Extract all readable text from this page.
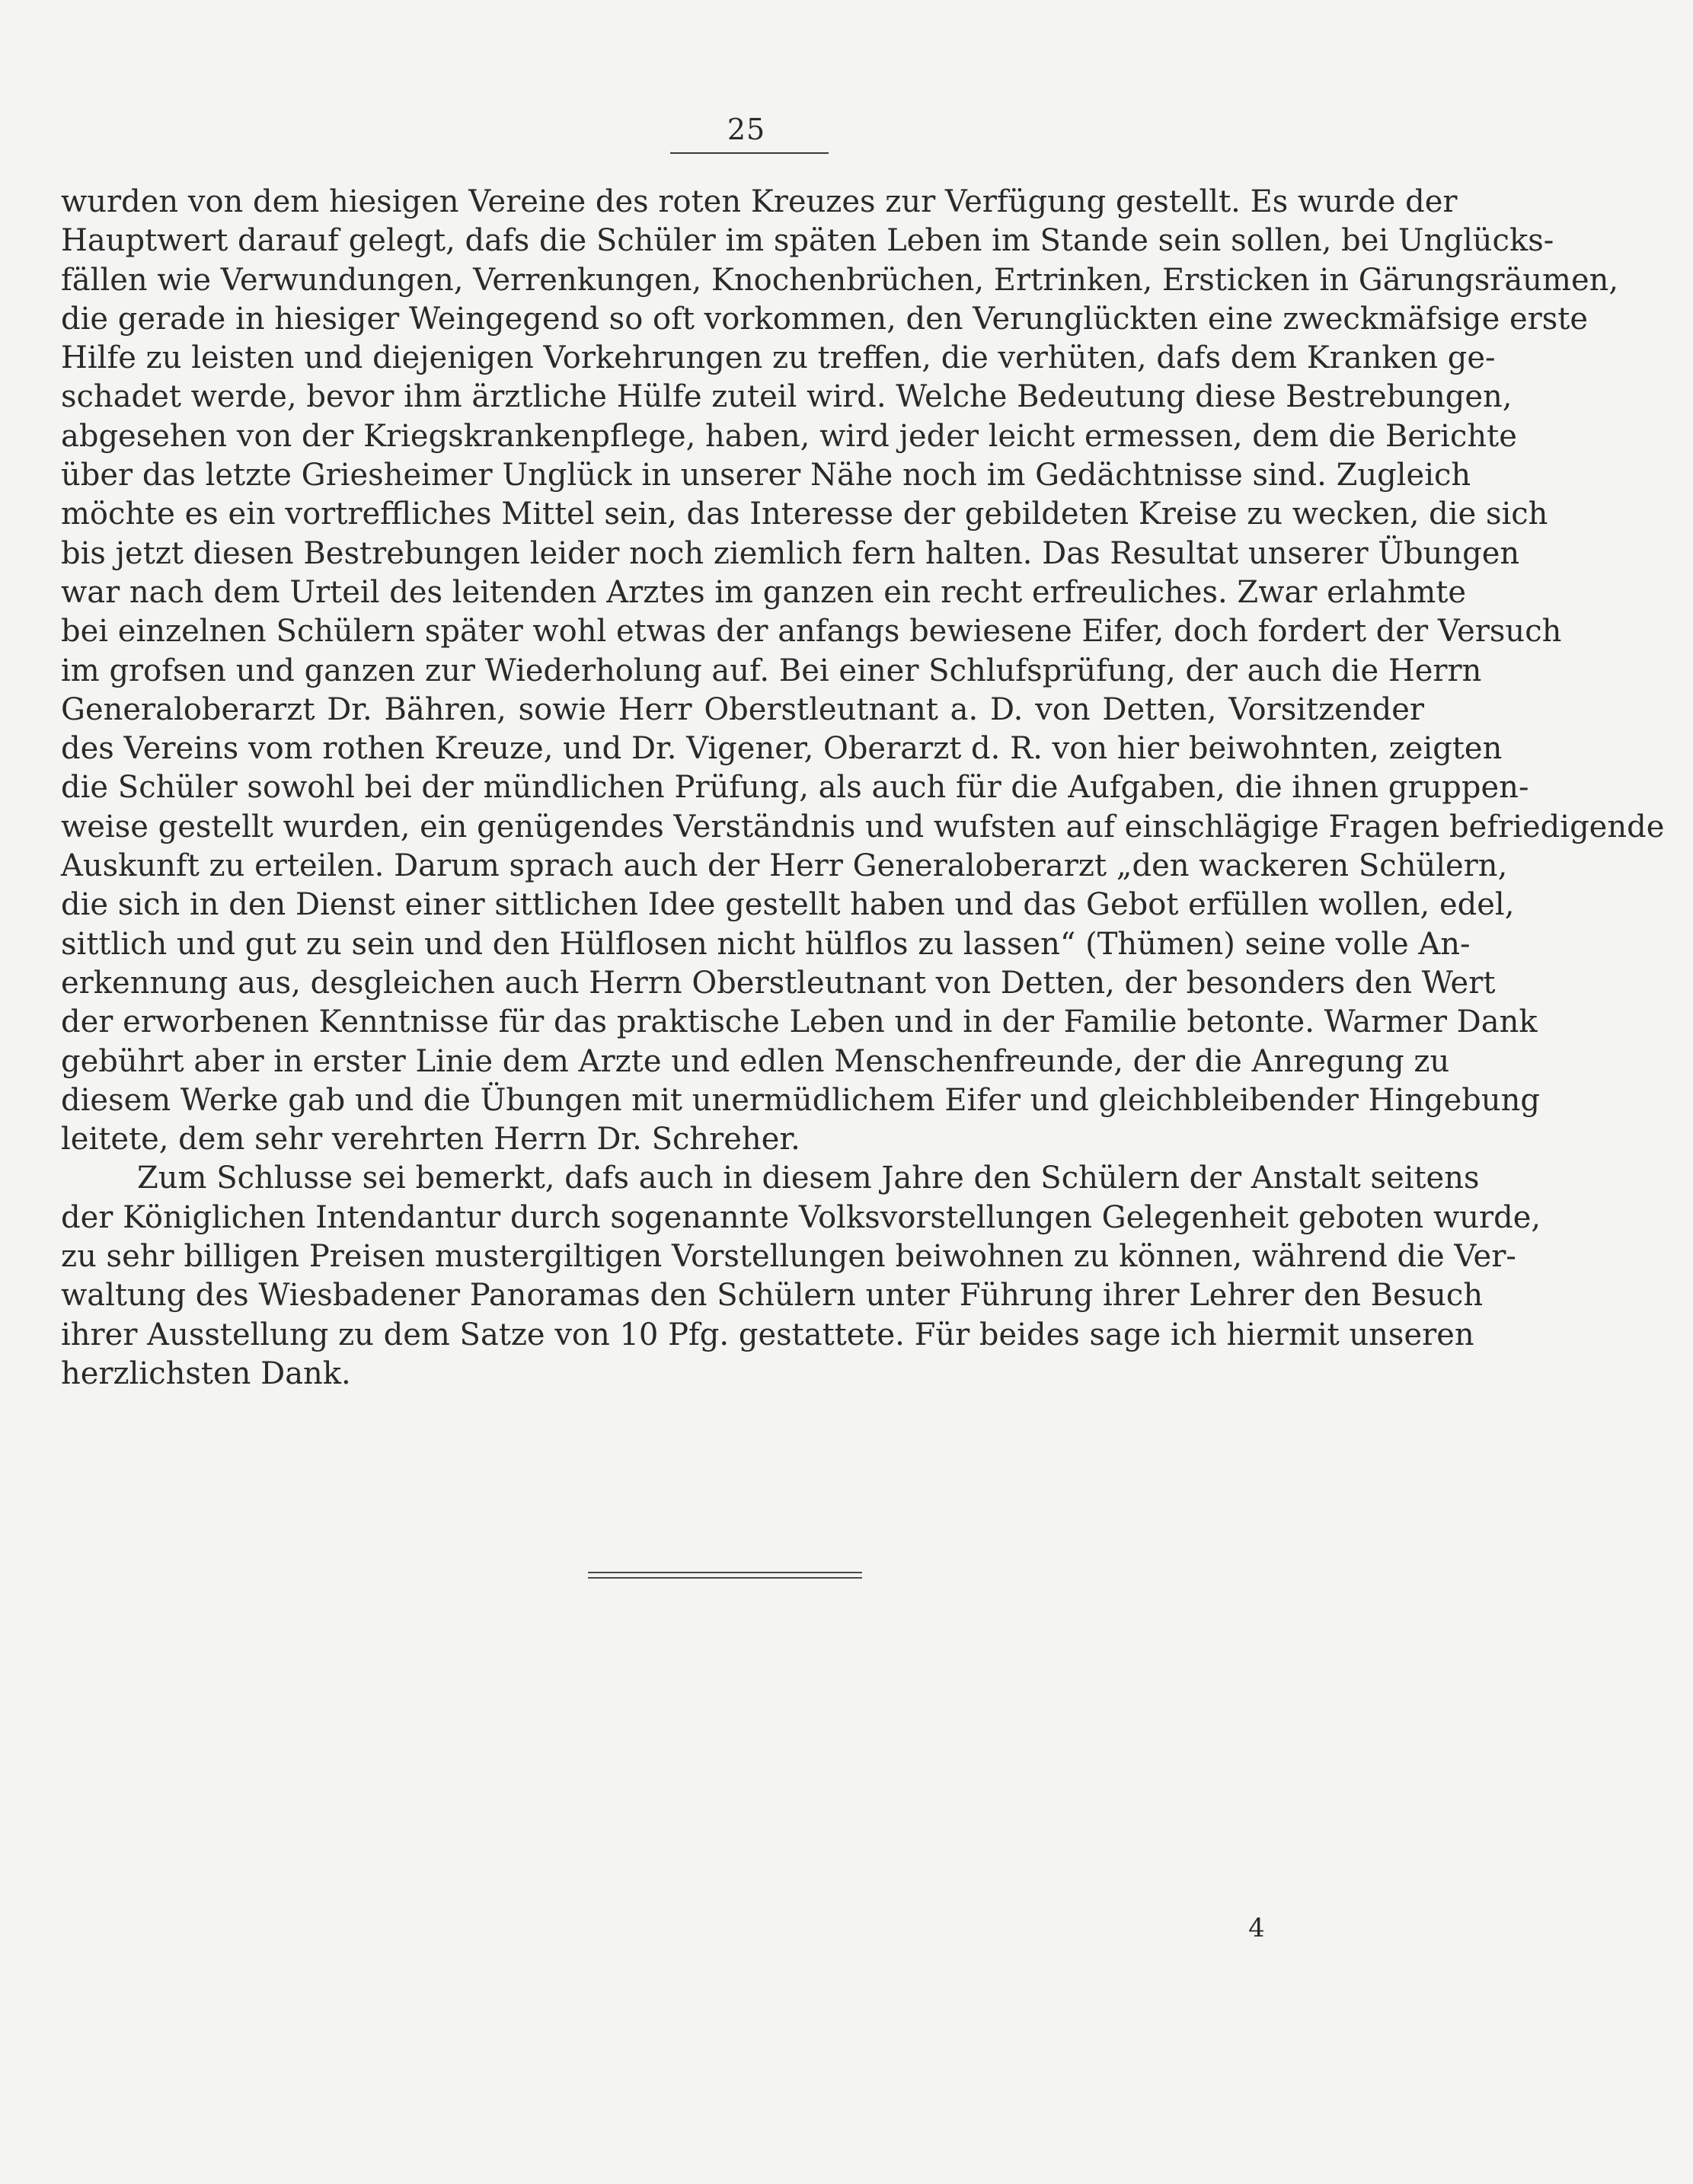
25
wurden von dem hiesigen Vereine des roten Kreuzes zur Verfügung gestellt. Es wurde der
Hauptwert darauf gelegt, dafs die Schüler im späten Leben im Stande sein sollen, bei Unglücks-
fällen wie Verwundungen, Verrenkungen, Knochenbrüchen, Ertrinken, Ersticken in Gärungsräumen,
die gerade in hiesiger Weingegend so oft vorkommen, den Verunglückten eine zweckmäfsige erste
Hilfe zu leisten und diejenigen Vorkehrungen zu treffen, die verhüten, dafs dem Kranken ge-
schadet werde, bevor ihm ärztliche Hülfe zuteil wird. Welche Bedeutung diese Bestrebungen,
abgesehen von der Kriegskrankenpflege, haben, wird jeder leicht ermessen, dem die Berichte
über das letzte Griesheimer Unglück in unserer Nähe noch im Gedächtnisse sind. Zugleich
möchte es ein vortreffliches Mittel sein, das Interesse der gebildeten Kreise zu wecken, die sich
bis jetzt diesen Bestrebungen leider noch ziemlich fern halten. Das Resultat unserer Übungen
war nach dem Urteil des leitenden Arztes im ganzen ein recht erfreuliches. Zwar erlahmte
bei einzelnen Schülern später wohl etwas der anfangs bewiesene Eifer, doch fordert der Versuch
im grofsen und ganzen zur Wiederholung auf. Bei einer Schlufsprüfung, der auch die Herrn
Generaloberarzt Dr. Bähren, sowie Herr Oberstleutnant a. D. von Detten, Vorsitzender
des Vereins vom rothen Kreuze, und Dr. Vigener, Oberarzt d. R. von hier beiwohnten, zeigten
die Schüler sowohl bei der mündlichen Prüfung, als auch für die Aufgaben, die ihnen gruppen-
weise gestellt wurden, ein genügendes Verständnis und wufsten auf einschlägige Fragen befriedigende
Auskunft zu erteilen. Darum sprach auch der Herr Generaloberarzt „den wackeren Schülern,
die sich in den Dienst einer sittlichen Idee gestellt haben und das Gebot erfüllen wollen, edel,
sittlich und gut zu sein und den Hülflosen nicht hülflos zu lassen“ (Thümen) seine volle An-
erkennung aus, desgleichen auch Herrn Oberstleutnant von Detten, der besonders den Wert
der erworbenen Kenntnisse für das praktische Leben und in der Familie betonte. Warmer Dank
gebührt aber in erster Linie dem Arzte und edlen Menschenfreunde, der die Anregung zu
diesem Werke gab und die Übungen mit unermüdlichem Eifer und gleichbleibender Hingebung
leitete, dem sehr verehrten Herrn Dr. Schreher.
Zum Schlusse sei bemerkt, dafs auch in diesem Jahre den Schülern der Anstalt seitens
der Königlichen Intendantur durch sogenannte Volksvorstellungen Gelegenheit geboten wurde,
zu sehr billigen Preisen mustergiltigen Vorstellungen beiwohnen zu können, während die Ver-
waltung des Wiesbadener Panoramas den Schülern unter Führung ihrer Lehrer den Besuch
ihrer Ausstellung zu dem Satze von 10 Pfg. gestattete. Für beides sage ich hiermit unseren
herzlichsten Dank.
4
